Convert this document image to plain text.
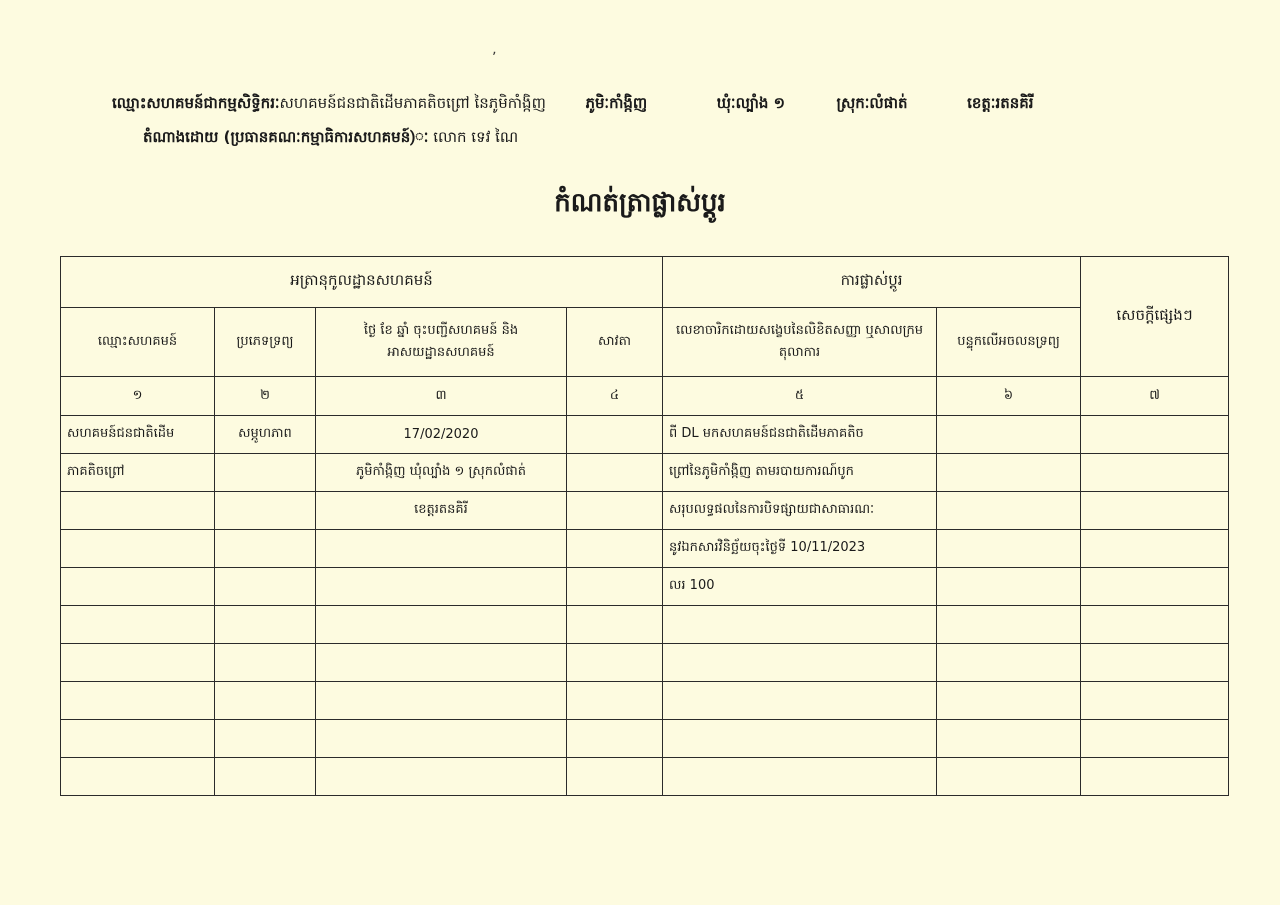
ʼ
ឈ្មោះសហគមន៍ជាកម្មសិទ្ធិករៈសហគមន៍ជនជាតិដើមភាគតិចព្រៅ នៃភូមិកាំង្កិញ	ភូមិៈកាំង្កិញ	ឃុំៈល្បាំង ១	ស្រុកៈលំផាត់	ខេត្តៈរតនគិរី
តំណាងដោយ (ប្រធានគណៈកម្មាធិការសហគមន៍)ៈ លោក ទេវ ណៃ
កំណត់ត្រាផ្លាស់ប្តូរ
អត្រានុកូលដ្ឋានសហគមន៍				ការផ្លាស់ប្តូរ		សេចក្តីផ្សេងៗ
ឈ្មោះសហគមន៍	ប្រភេទទ្រព្យ	ថ្ងៃ ខែ ឆ្នាំ ចុះបញ្ជីសហគមន៍ និងអាសយដ្ឋានសហគមន៍	សាវតា	លេខាចារិកដោយសង្ខេបនៃលិខិតសញ្ញា ឬសាលក្រមតុលាការ	បន្ទុកលើអចលនទ្រព្យ	
១	២	៣	៤	៥	៦	៧
សហគមន៍ជនជាតិដើម	សម្ភូហភាព	17/02/2020		ពី DL មកសហគមន៍ជនជាតិដើមភាគតិច		
ភាគតិចព្រៅ		ភូមិកាំង្កិញ ឃុំល្បាំង ១ ស្រុកលំផាត់		ព្រៅនៃភូមិកាំង្កិញ តាមរបាយការណ៍បូក		
		ខេត្តរតនគិរី		សរុបលទ្ធផលនៃការបិទផ្សាយជាសាធារណៈ		
				នូវឯកសារវិនិច្ឆ័យចុះថ្ងៃទី 10/11/2023		
				លរ 100		
